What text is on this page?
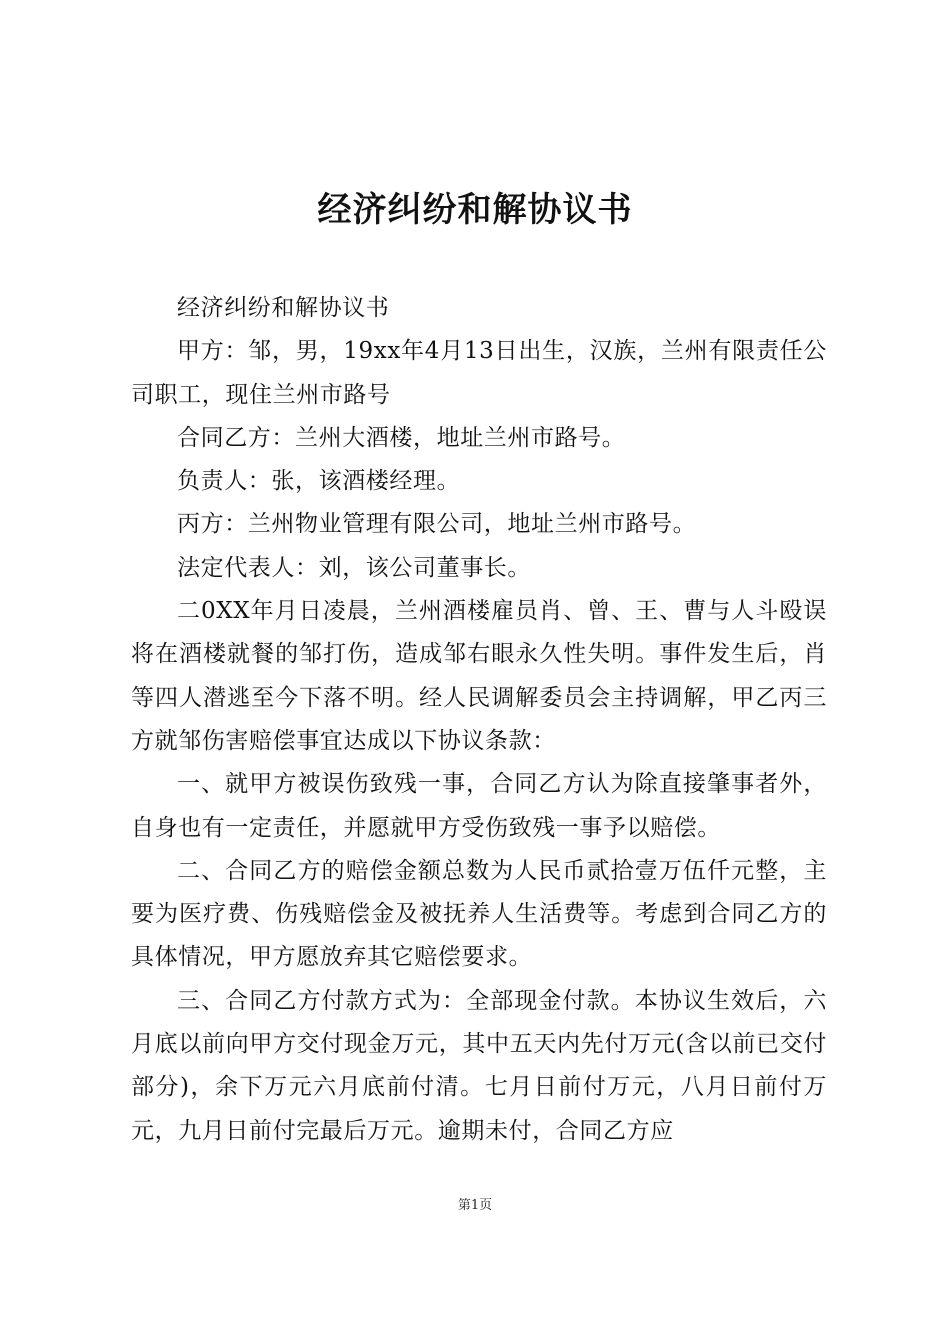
经济纠纷和解协议书

经济纠纷和解协议书

甲方：邹，男，19xx年4月13日出生，汉族，兰州有限责任公司职工，现住兰州市路号

合同乙方：兰州大酒楼，地址兰州市路号。

负责人：张，该酒楼经理。

丙方：兰州物业管理有限公司，地址兰州市路号。

法定代表人：刘，该公司董事长。

二0XX年月日凌晨，兰州酒楼雇员肖、曾、王、曹与人斗殴误将在酒楼就餐的邹打伤，造成邹右眼永久性失明。事件发生后，肖等四人潜逃至今下落不明。经人民调解委员会主持调解，甲乙丙三方就邹伤害赔偿事宜达成以下协议条款：

一、就甲方被误伤致残一事，合同乙方认为除直接肇事者外，自身也有一定责任，并愿就甲方受伤致残一事予以赔偿。

二、合同乙方的赔偿金额总数为人民币贰拾壹万伍仟元整，主要为医疗费、伤残赔偿金及被抚养人生活费等。考虑到合同乙方的具体情况，甲方愿放弃其它赔偿要求。

三、合同乙方付款方式为：全部现金付款。本协议生效后，六月底以前向甲方交付现金万元，其中五天内先付万元(含以前已交付部分)，余下万元六月底前付清。七月日前付万元，八月日前付万元，九月日前付完最后万元。逾期未付，合同乙方应

第1页
